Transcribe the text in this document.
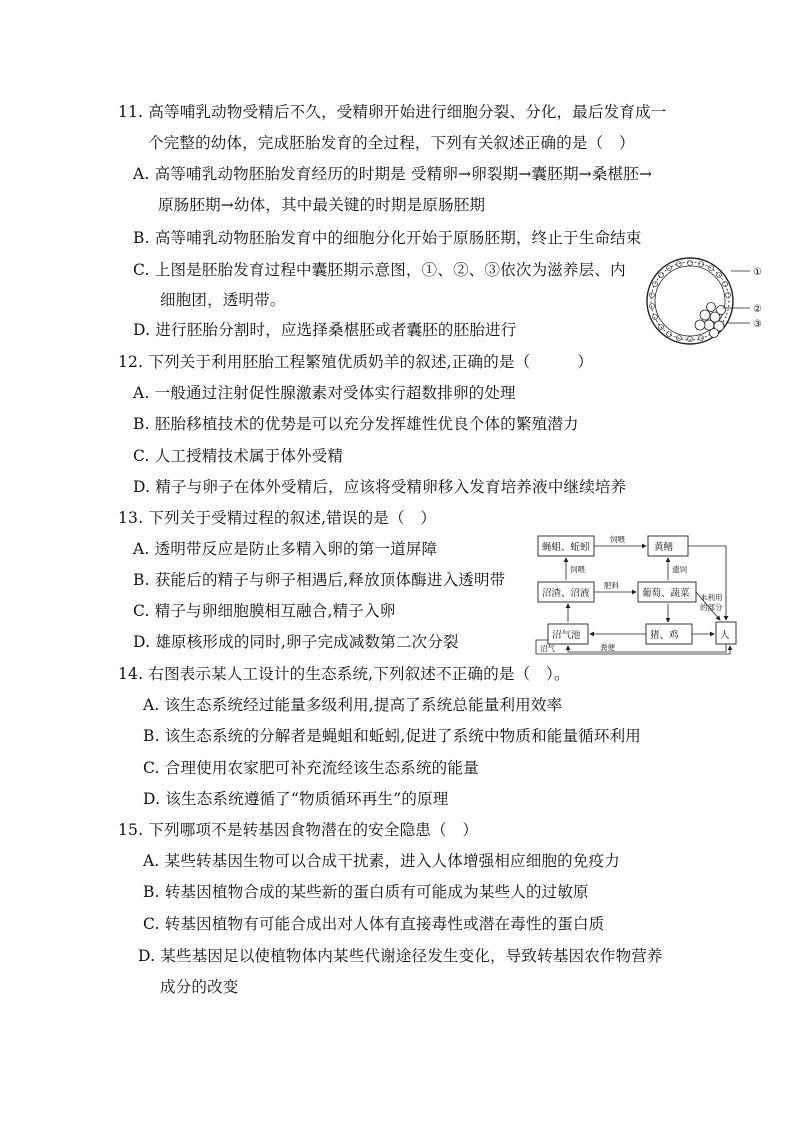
11. 高等哺乳动物受精后不久，受精卵开始进行细胞分裂、分化，最后发育成一
个完整的幼体，完成胚胎发育的全过程，下列有关叙述正确的是（　）
A. 高等哺乳动物胚胎发育经历的时期是 受精卵→卵裂期→囊胚期→桑椹胚→
原肠胚期→幼体，其中最关键的时期是原肠胚期
B. 高等哺乳动物胚胎发育中的细胞分化开始于原肠胚期，终止于生命结束
C. 上图是胚胎发育过程中囊胚期示意图，①、②、③依次为滋养层、内
细胞团，透明带。
D. 进行胚胎分割时，应选择桑椹胚或者囊胚的胚胎进行
①
②
③
12. 下列关于利用胚胎工程繁殖优质奶羊的叙述,正确的是（　　　）
A. 一般通过注射促性腺激素对受体实行超数排卵的处理
B. 胚胎移植技术的优势是可以充分发挥雄性优良个体的繁殖潜力
C. 人工授精技术属于体外受精
D. 精子与卵子在体外受精后，应该将受精卵移入发育培养液中继续培养
13. 下列关于受精过程的叙述,错误的是（　）
A. 透明带反应是防止多精入卵的第一道屏障
B. 获能后的精子与卵子相遇后,释放顶体酶进入透明带
C. 精子与卵细胞膜相互融合,精子入卵
D. 雄原核形成的同时,卵子完成减数第二次分裂
蝇蛆、蚯蚓	黄鳝
沼渣、沼液	葡萄、蔬菜
沼气池	猪、鸡	人
饲喂
饲喂
肥料
遗饲
未利用
的部分
沼气	粪便
14. 右图表示某人工设计的生态系统,下列叙述不正确的是（　）。
A. 该生态系统经过能量多级利用,提高了系统总能量利用效率
B. 该生态系统的分解者是蝇蛆和蚯蚓,促进了系统中物质和能量循环利用
C. 合理使用农家肥可补充流经该生态系统的能量
D. 该生态系统遵循了“物质循环再生”的原理
15. 下列哪项不是转基因食物潜在的安全隐患（　）
A. 某些转基因生物可以合成干扰素，进入人体增强相应细胞的免疫力
B. 转基因植物合成的某些新的蛋白质有可能成为某些人的过敏原
C. 转基因植物有可能合成出对人体有直接毒性或潜在毒性的蛋白质
D. 某些基因足以使植物体内某些代谢途径发生变化，导致转基因农作物营养
成分的改变
